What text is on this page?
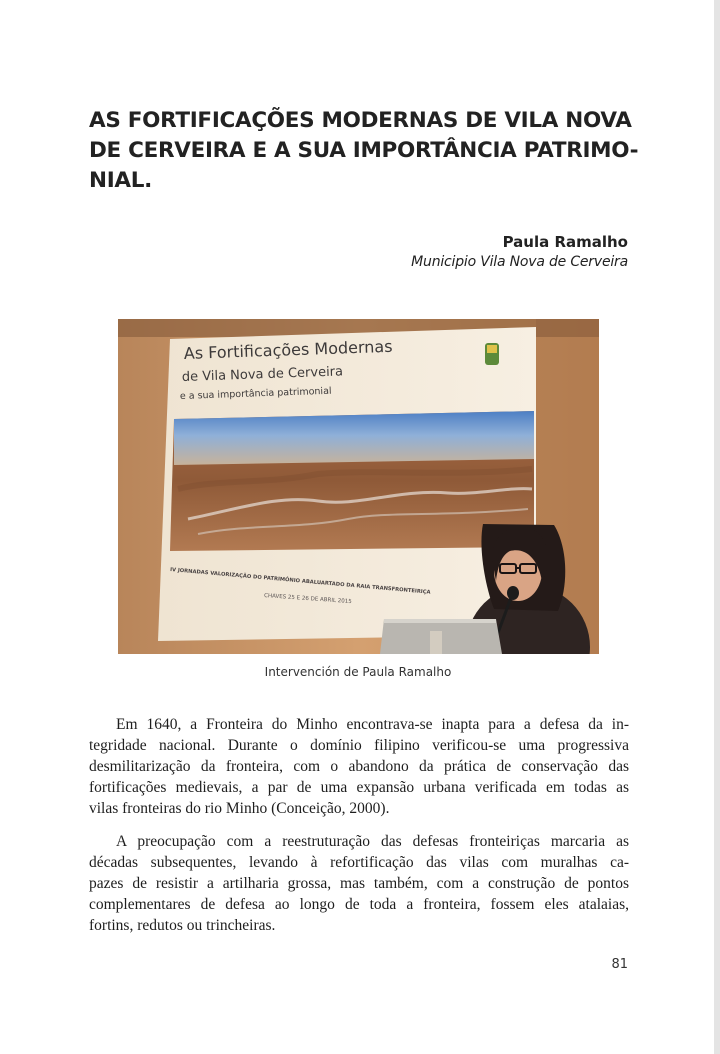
AS FORTIFICAÇÕES MODERNAS DE VILA NOVA
DE CERVEIRA E A SUA IMPORTÂNCIA PATRIMO-
NIAL.
Paula Ramalho
Municipio Vila Nova de Cerveira
As Fortificações Modernas
de Vila Nova de Cerveira
e a sua importância patrimonial
IV JORNADAS VALORIZAÇÃO DO PATRIMÓNIO ABALUARTADO DA RAIA TRANSFRONTEIRIÇA
CHAVES 25 E 26 DE ABRIL 2015
Intervención de Paula Ramalho

Em 1640, a Fronteira do Minho encontrava-se inapta para a defesa da in-
tegridade nacional. Durante o domínio filipino verificou-se uma progressiva
desmilitarização da fronteira, com o abandono da prática de conservação das
fortificações medievais, a par de uma expansão urbana verificada em todas as
vilas fronteiras do rio Minho (Conceição, 2000).

A preocupação com a reestruturação das defesas fronteiriças marcaria as
décadas subsequentes, levando à refortificação das vilas com muralhas ca-
pazes de resistir a artilharia grossa, mas também, com a construção de pontos
complementares de defesa ao longo de toda a fronteira, fossem eles atalaias,
fortins, redutos ou trincheiras.

81
